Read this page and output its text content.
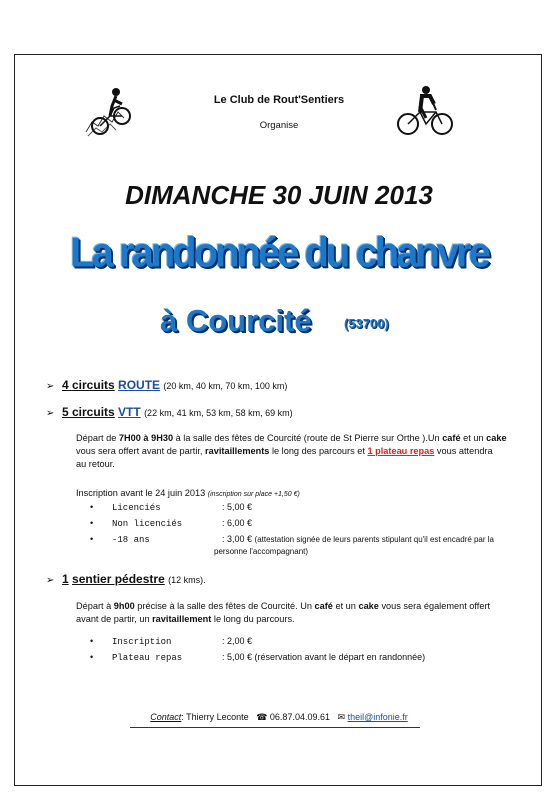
Le Club de Rout'Sentiers
Organise
DIMANCHE 30 JUIN 2013
La randonnée du chanvre
à Courcité (53700)
➢ 4 circuits ROUTE (20 km, 40 km, 70 km, 100 km)
➢ 5 circuits VTT (22 km, 41 km, 53 km, 58 km, 69 km)
Départ de 7H00 à 9H30 à la salle des fêtes de Courcité (route de St Pierre sur Orthe ).Un café et un cake
vous sera offert avant de partir, ravitaillements le long des parcours et 1 plateau repas vous attendra
au retour.
Inscription avant le 24 juin 2013 (inscription sur place +1,50 €)
• Licenciés	: 5,00 €
• Non licenciés	: 6,00 €
• -18 ans	: 3,00 € (attestation signée de leurs parents stipulant qu'il est encadré par la
personne l'accompagnant)
➢ 1 sentier pédestre (12 kms).
Départ à 9h00 précise à la salle des fêtes de Courcité. Un café et un cake vous sera également offert
avant de partir, un ravitaillement le long du parcours.
• Inscription	: 2,00 €
• Plateau repas	: 5,00 € (réservation avant le départ en randonnée)
Contact: Thierry Leconte ☎ 06.87.04.09.61 ✉ theil@infonie.fr
